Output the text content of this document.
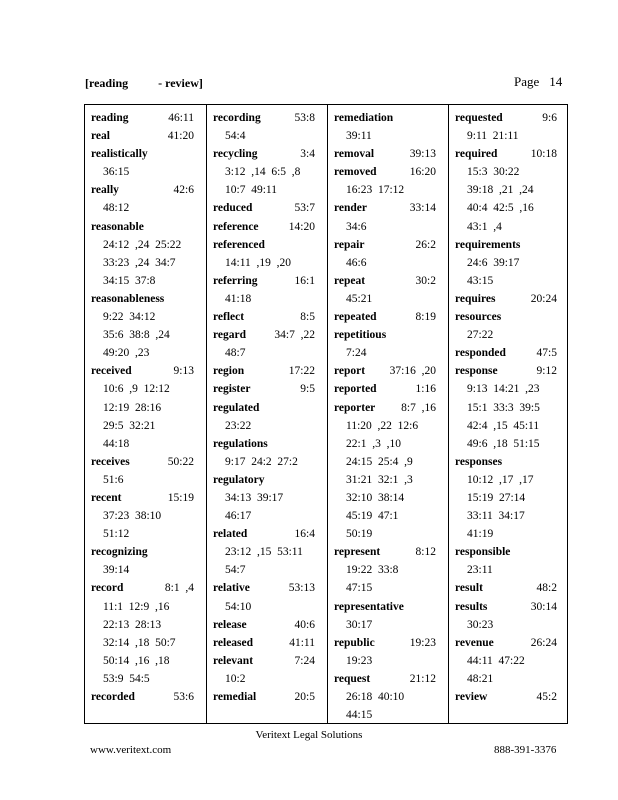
[reading	- review]	Page 14
reading	46:11
real	41:20
realistically
36:15
really	42:6
48:12
reasonable
24:12  ,24  25:22
33:23  ,24  34:7
34:15  37:8
reasonableness
9:22  34:12
35:6  38:8  ,24
49:20  ,23
received	9:13
10:6  ,9  12:12
12:19  28:16
29:5  32:21
44:18
receives	50:22
51:6
recent	15:19
37:23  38:10
51:12
recognizing
39:14
record	8:1  ,4
11:1  12:9  ,16
22:13  28:13
32:14  ,18  50:7
50:14  ,16  ,18
53:9  54:5
recorded	53:6
recording	53:8
54:4
recycling	3:4
3:12  ,14  6:5  ,8
10:7  49:11
reduced	53:7
reference	14:20
referenced
14:11  ,19  ,20
referring	16:1
41:18
reflect	8:5
regard 34:7  ,22
48:7
region	17:22
register	9:5
regulated
23:22
regulations
9:17  24:2  27:2
regulatory
34:13  39:17
46:17
related	16:4
23:12  ,15  53:11
54:7
relative	53:13
54:10
release	40:6
released	41:11
relevant	7:24
10:2
remedial	20:5
remediation
39:11
removal	39:13
removed	16:20
16:23  17:12
render	33:14
34:6
repair	26:2
46:6
repeat	30:2
45:21
repeated	8:19
repetitious
7:24
report 37:16  ,20
reported	1:16
reporter 8:7  ,16
11:20  ,22  12:6
22:1  ,3  ,10
24:15  25:4  ,9
31:21  32:1  ,3
32:10  38:14
45:19  47:1
50:19
represent	8:12
19:22  33:8
47:15
representative
30:17
republic	19:23
19:23
request	21:12
26:18  40:10
44:15
requested	9:6
9:11  21:11
required	10:18
15:3  30:22
39:18  ,21  ,24
40:4  42:5  ,16
43:1  ,4
requirements
24:6  39:17
43:15
requires	20:24
resources
27:22
responded	47:5
response	9:12
9:13  14:21  ,23
15:1  33:3  39:5
42:4  ,15  45:11
49:6  ,18  51:15
responses
10:12  ,17  ,17
15:19  27:14
33:11  34:17
41:19
responsible
23:11
result	48:2
results	30:14
30:23
revenue	26:24
44:11  47:22
48:21
review	45:2
Veritext Legal Solutions
www.veritext.com	888-391-3376
